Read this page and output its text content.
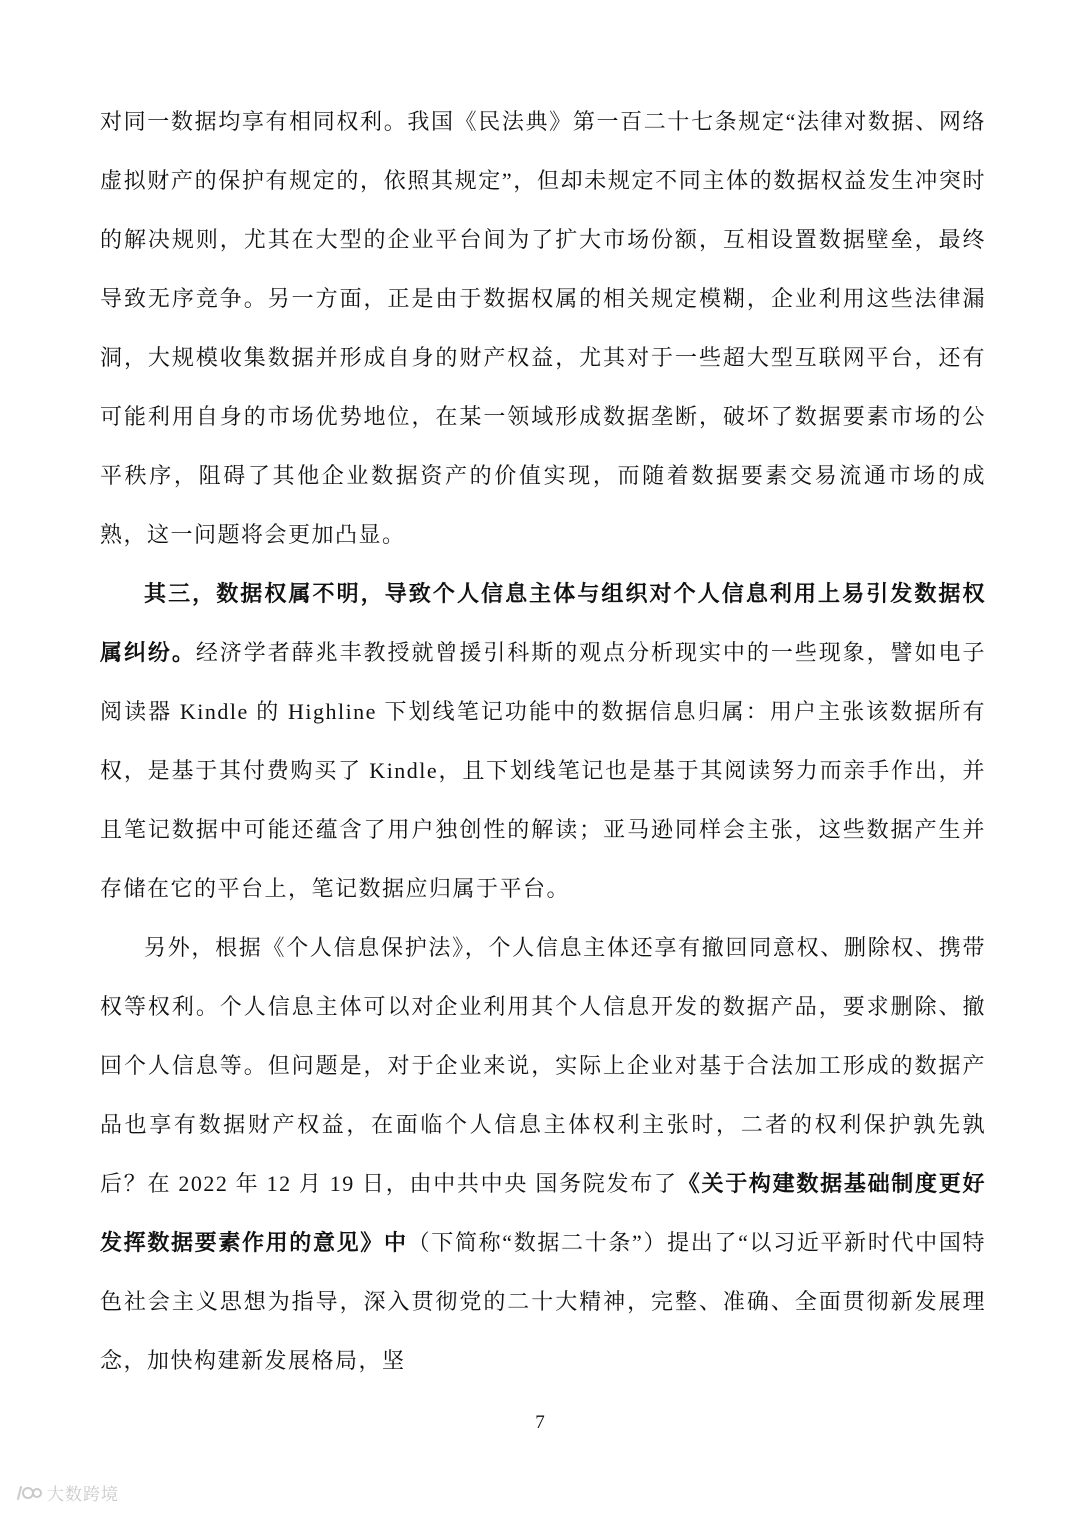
对同一数据均享有相同权利。我国《民法典》第一百二十七条规定“法律对数据、网络虚拟财产的保护有规定的，依照其规定”，但却未规定不同主体的数据权益发生冲突时的解决规则，尤其在大型的企业平台间为了扩大市场份额，互相设置数据壁垒，最终导致无序竞争。另一方面，正是由于数据权属的相关规定模糊，企业利用这些法律漏洞，大规模收集数据并形成自身的财产权益，尤其对于一些超大型互联网平台，还有可能利用自身的市场优势地位，在某一领域形成数据垄断，破坏了数据要素市场的公平秩序，阻碍了其他企业数据资产的价值实现，而随着数据要素交易流通市场的成熟，这一问题将会更加凸显。

其三，数据权属不明，导致个人信息主体与组织对个人信息利用上易引发数据权属纠纷。经济学者薛兆丰教授就曾援引科斯的观点分析现实中的一些现象，譬如电子阅读器 Kindle 的 Highline 下划线笔记功能中的数据信息归属：用户主张该数据所有权，是基于其付费购买了 Kindle，且下划线笔记也是基于其阅读努力而亲手作出，并且笔记数据中可能还蕴含了用户独创性的解读；亚马逊同样会主张，这些数据产生并存储在它的平台上，笔记数据应归属于平台。

另外，根据《个人信息保护法》，个人信息主体还享有撤回同意权、删除权、携带权等权利。个人信息主体可以对企业利用其个人信息开发的数据产品，要求删除、撤回个人信息等。但问题是，对于企业来说，实际上企业对基于合法加工形成的数据产品也享有数据财产权益，在面临个人信息主体权利主张时，二者的权利保护孰先孰后？在 2022 年 12 月 19 日，由中共中央 国务院发布了《关于构建数据基础制度更好发挥数据要素作用的意见》中（下简称“数据二十条”）提出了“以习近平新时代中国特色社会主义思想为指导，深入贯彻党的二十大精神，完整、准确、全面贯彻新发展理念，加快构建新发展格局，坚

7
大数跨境
